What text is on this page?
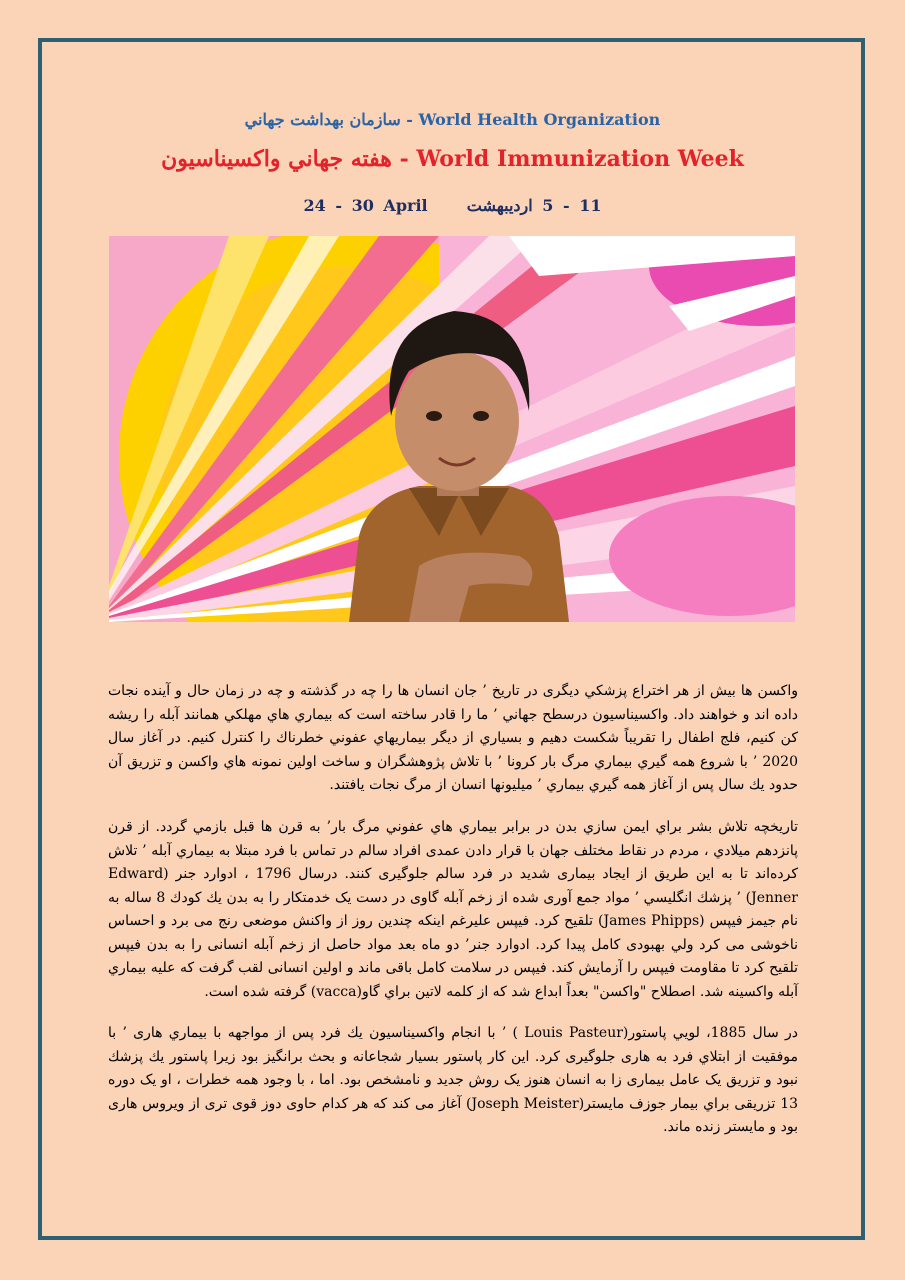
سازمان بهداشت جهاني - World Health Organization
هفته جهاني واكسيناسيون - World Immunization Week
24 - 30 April 11 - 5 اردیبهشت
واكسن ها بيش از هر اختراع پزشكي ديگری در تاريخ ’ جان انسان ها را چه در گذشته و چه در زمان حال و آينده نجات داده اند و خواهند داد. واكسيناسيون درسطح جهاني ’ ما را قادر ساخته است كه بيماري هاي مهلكي همانند آبله را ريشه كن كنيم، فلج اطفال را تقريباً شكست دهيم و بسياري از ديگر بيماريهاي عفوني خطرناك را كنترل كنيم. در آغاز سال 2020 ’ با شروع همه گيري بيماري مرگ بار كرونا ’ با تلاش پژوهشگران و ساخت اولين نمونه هاي واكسن و تزريق آن حدود يك سال پس از آغاز همه گيري بيماري ’ ميليونها انسان از مرگ نجات يافتند.
تاريخچه تلاش بشر براي ايمن سازي بدن در برابر بيماري هاي عفوني مرگ بار’ به قرن ها قبل بازمي گردد. از قرن پانزدهم ميلادي ، مردم در نقاط مختلف جهان با قرار دادن عمدی افراد سالم در تماس با فرد مبتلا به بيماري آبله ’ تلاش كرده‌اند تا به اين طريق از ايجاد بيماری شديد در فرد سالم جلوگيری كنند. درسال 1796 ، ادوارد جنر (Edward Jenner) ’ پزشك انگليسي ’ مواد جمع آوری شده از زخم آبله گاوی در دست يک خدمتكار را به بدن يك كودك 8 ساله به نام جيمز فيپس (James Phipps) تلقيح كرد. فيپس عليرغم اينكه چندين روز از واكنش موضعی رنج می برد و احساس ناخوشی می كرد ولي بهبودی كامل پيدا كرد. ادوارد جنر’ دو ماه بعد مواد حاصل از زخم آبله انسانی را به بدن فيپس تلقيح كرد تا مقاومت فيپس را آزمايش كند. فيپس در سلامت كامل باقی ماند و اولين انسانی لقب گرفت كه عليه بيماري آبله واكسينه شد. اصطلاح "واكسن" بعداً ابداع شد كه از كلمه لاتين براي گاو(vacca) گرفته شده است.
در سال 1885، لويي پاستور(Louis Pasteur ) ’ با انجام واكسيناسيون يك فرد پس از مواجهه با بيماري هاری ’ با موفقيت از ابتلاي فرد به هاری جلوگيری كرد. اين كار پاستور بسيار شجاعانه و بحث برانگيز بود زيرا پاستور يك پزشك نبود و تزريق يک عامل بيماری زا به انسان هنوز يک روش جديد و نامشخص بود. اما ، با وجود همه خطرات ، او يک دوره 13 تزريقی براي بيمار جوزف مايستر(Joseph Meister) آغاز می كند كه هر كدام حاوی دوز قوی تری از ويروس هاری بود و مايستر زنده ماند.
